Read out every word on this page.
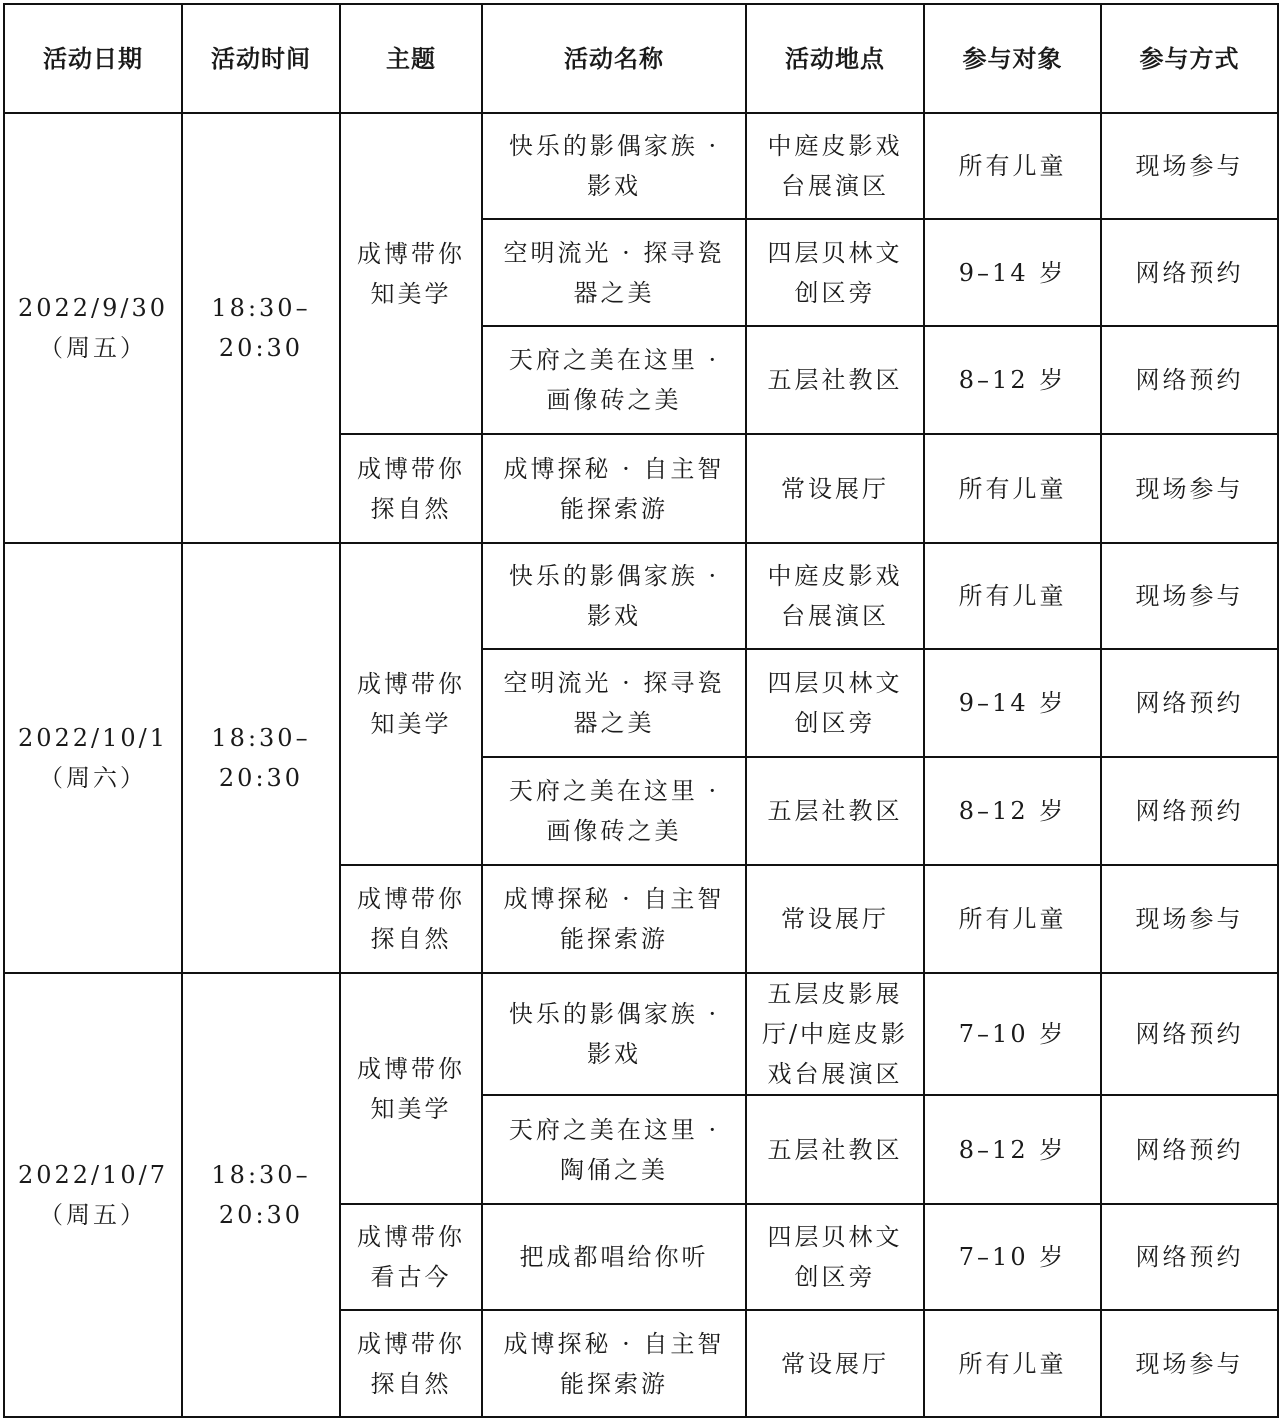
活动日期	活动时间	主题	活动名称	活动地点	参与对象	参与方式

2022/9/30
（周五）	18:30–20:30	成博带你知美学	快乐的影偶家族 · 影戏	中庭皮影戏台展演区	所有儿童	现场参与
			空明流光 · 探寻瓷器之美	四层贝林文创区旁	9–14 岁	网络预约
			天府之美在这里 · 画像砖之美	五层社教区	8–12 岁	网络预约
		成博带你探自然	成博探秘 · 自主智能探索游	常设展厅	所有儿童	现场参与

2022/10/1
（周六）	18:30–20:30	成博带你知美学	快乐的影偶家族 · 影戏	中庭皮影戏台展演区	所有儿童	现场参与
			空明流光 · 探寻瓷器之美	四层贝林文创区旁	9–14 岁	网络预约
			天府之美在这里 · 画像砖之美	五层社教区	8–12 岁	网络预约
		成博带你探自然	成博探秘 · 自主智能探索游	常设展厅	所有儿童	现场参与

2022/10/7
（周五）	18:30–20:30	成博带你知美学	快乐的影偶家族 · 影戏	五层皮影展厅/中庭皮影戏台展演区	7–10 岁	网络预约
			天府之美在这里 · 陶俑之美	五层社教区	8–12 岁	网络预约
		成博带你看古今	把成都唱给你听	四层贝林文创区旁	7–10 岁	网络预约
		成博带你探自然	成博探秘 · 自主智能探索游	常设展厅	所有儿童	现场参与
